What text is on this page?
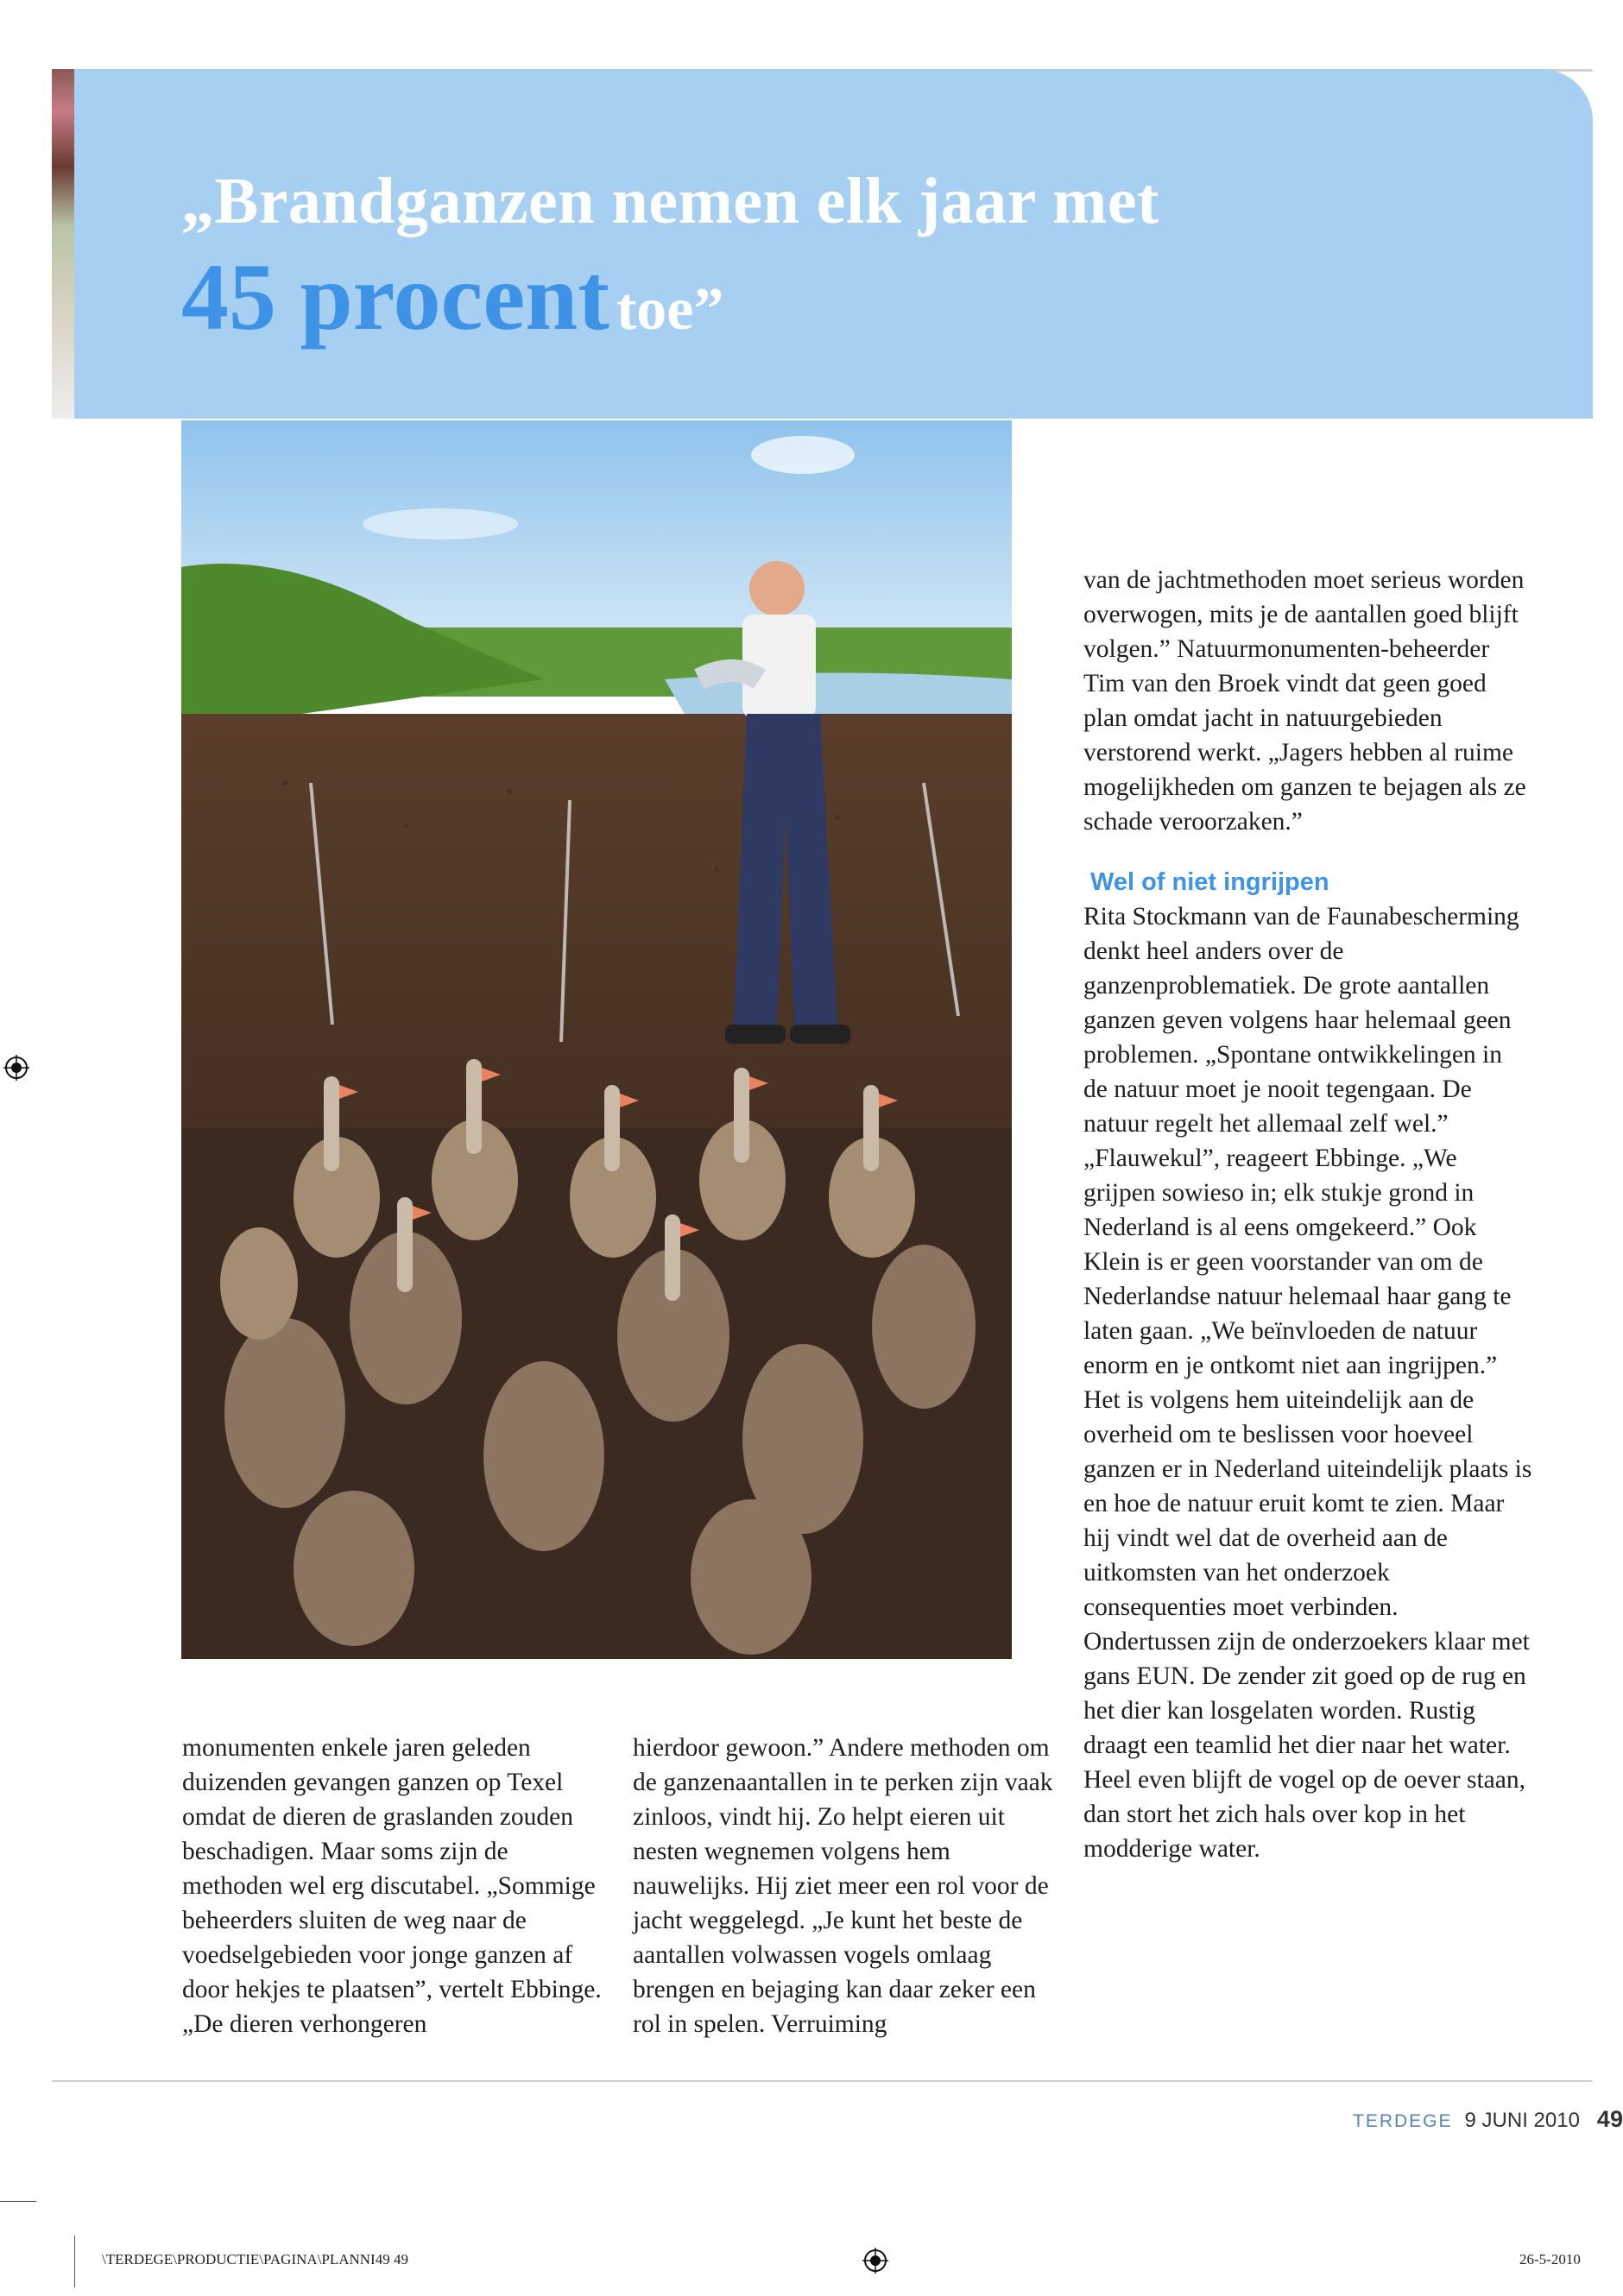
„Brandganzen nemen elk jaar met
45 procent toe”

monumenten enkele jaren geleden duizenden gevangen ganzen op Texel omdat de dieren de graslanden zouden beschadigen. Maar soms zijn de methoden wel erg discutabel. „Sommige beheerders sluiten de weg naar de voedselgebieden voor jonge ganzen af door hekjes te plaatsen”, vertelt Ebbinge. „De dieren verhongeren

hierdoor gewoon.” Andere methoden om de ganzenaantallen in te perken zijn vaak zinloos, vindt hij. Zo helpt eieren uit nesten wegnemen volgens hem nauwelijks. Hij ziet meer een rol voor de jacht weggelegd. „Je kunt het beste de aantallen volwassen vogels omlaag brengen en bejaging kan daar zeker een rol in spelen. Verruiming

van de jachtmethoden moet serieus worden overwogen, mits je de aantallen goed blijft volgen.” Natuurmonumenten-beheerder Tim van den Broek vindt dat geen goed plan omdat jacht in natuurgebieden verstorend werkt. „Jagers hebben al ruime mogelijkheden om ganzen te bejagen als ze schade veroorzaken.”

Wel of niet ingrijpen

Rita Stockmann van de Faunabescherming denkt heel anders over de ganzenproblematiek. De grote aantallen ganzen geven volgens haar helemaal geen problemen. „Spontane ontwikkelingen in de natuur moet je nooit tegengaan. De natuur regelt het allemaal zelf wel.”

„Flauwekul”, reageert Ebbinge. „We grijpen sowieso in; elk stukje grond in Nederland is al eens omgekeerd.” Ook Klein is er geen voorstander van om de Nederlandse natuur helemaal haar gang te laten gaan. „We beïnvloeden de natuur enorm en je ontkomt niet aan ingrijpen.” Het is volgens hem uiteindelijk aan de overheid om te beslissen voor hoeveel ganzen er in Nederland uiteindelijk plaats is en hoe de natuur eruit komt te zien. Maar hij vindt wel dat de overheid aan de uitkomsten van het onderzoek consequenties moet verbinden.

Ondertussen zijn de onderzoekers klaar met gans EUN. De zender zit goed op de rug en het dier kan losgelaten worden. Rustig draagt een teamlid het dier naar het water. Heel even blijft de vogel op de oever staan, dan stort het zich hals over kop in het modderige water.

TERDEGE 9 JUNI 2010 49
\TERDEGE\PRODUCTIE\PAGINA\PLANNI49 49	26-5-2010
